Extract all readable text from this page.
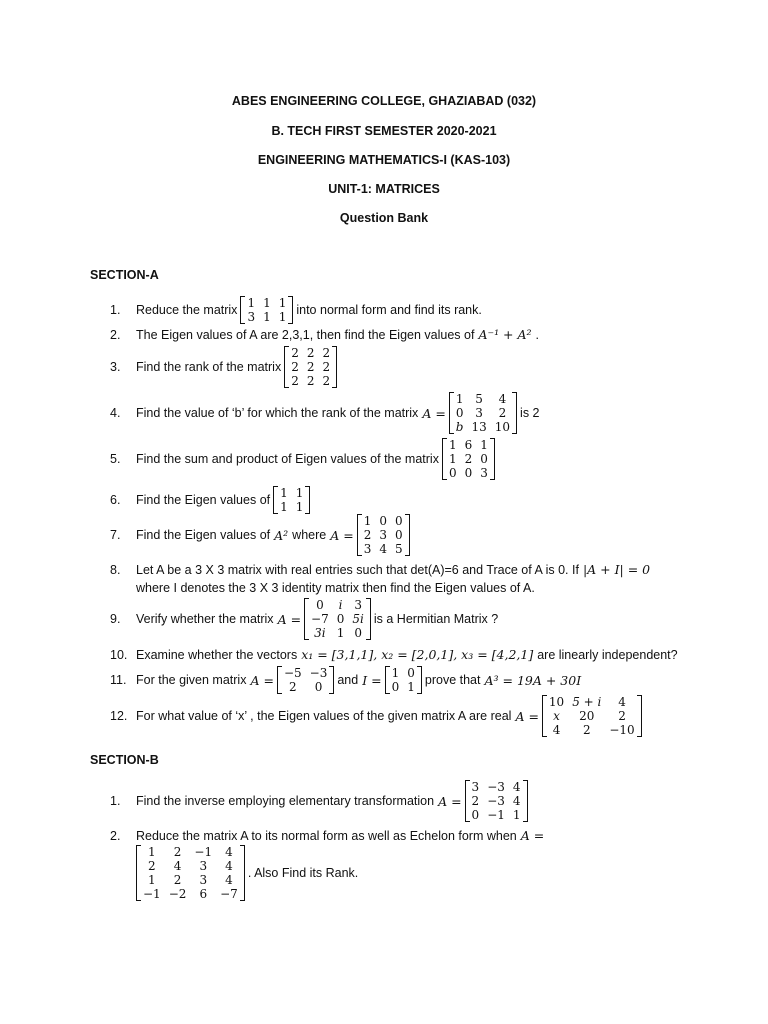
ABES ENGINEERING COLLEGE, GHAZIABAD (032)
B. TECH FIRST SEMESTER 2020-2021
ENGINEERING MATHEMATICS-I (KAS-103)
UNIT-1: MATRICES
Question Bank
SECTION-A
1.	Reduce the matrix 1 1 1
3 1 1 into normal form and find its rank.
2.	The Eigen values of A are 2,3,1, then find the Eigen values of A⁻¹ + A² .
3.	Find the rank of the matrix
2 2 2
2 2 2
2 2 2
4.	Find the value of ‘b’ for which the rank of the matrix A =
1 5	4
0 3	2
b 13 10
is 2
5.	Find the sum and product of Eigen values of the matrix
1 6 1
1 2 0
0 0 3
6.	Find the Eigen values of 1 1
1 1
7.	Find the Eigen values of A² where A =
1 0 0
2 3 0
3 4 5
8.	Let A be a 3 X 3 matrix with real entries such that det(A)=6 and Trace of A is 0. If |A + I| = 0
where I denotes the 3 X 3 identity matrix then find the Eigen values of A.
9.	Verify whether the matrix A =
0	i 3
−7 0 5i
3i 1 0
is a Hermitian Matrix ?
10. Examine whether the vectors x₁ = [3,1,1], x₂ = [2,0,1], x₃ = [4,2,1] are linearly independent?
11. For the given matrix A = −5 −3
2	0	and I = 1 0
0 1 prove that A³ = 19A + 30I
12. For what value of ‘x’ , the Eigen values of the given matrix A are real A =
10 5 + i	4
x	20	2
4	2	−10
SECTION-B
1.	Find the inverse employing elementary transformation A =
3 −3 4
2 −3 4
0 −1 1
2.	Reduce the matrix A to its normal form as well as Echelon form when A =
1	2	−1	4
2	4	3	4
1	2	3	4
−1 −2	6	−7
. Also Find its Rank.
